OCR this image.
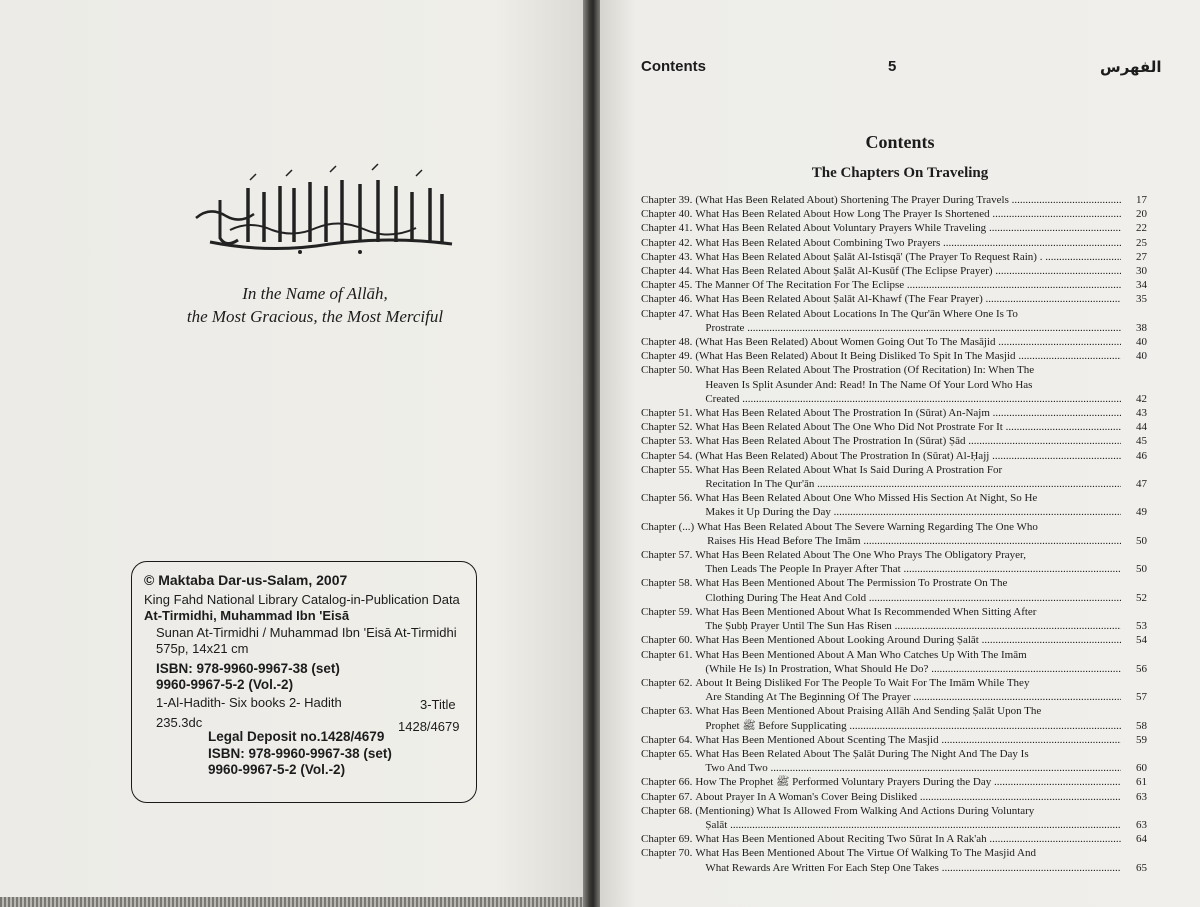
In the Name of Allāh,
the Most Gracious, the Most Merciful
© Maktaba Dar-us-Salam, 2007
King Fahd National Library Catalog-in-Publication Data
At-Tirmidhi, Muhammad Ibn 'Eisā
Sunan At-Tirmidhi / Muhammad Ibn 'Eisā At-Tirmidhi
575p, 14x21 cm
ISBN: 978-9960-9967-38 (set)
9960-9967-5-2 (Vol.-2)
1-Al-Hadith- Six books 2- Hadith	3-Title
235.3dc	1428/4679
Legal Deposit no.1428/4679
ISBN: 978-9960-9967-38 (set)
9960-9967-5-2 (Vol.-2)
Contents	5	الفهرس
Contents
The Chapters On Traveling
Chapter 39. (What Has Been Related About) Shortening The Prayer During Travels .....	17
Chapter 40. What Has Been Related About How Long The Prayer Is Shortened .....	20
Chapter 41. What Has Been Related About Voluntary Prayers While Traveling .....	22
Chapter 42. What Has Been Related About Combining Two Prayers .....	25
Chapter 43. What Has Been Related About Ṣalāt Al-Istisqā' (The Prayer To Request Rain) . .....	27
Chapter 44. What Has Been Related About Ṣalāt Al-Kusūf (The Eclipse Prayer) .....	30
Chapter 45. The Manner Of The Recitation For The Eclipse .....	34
Chapter 46. What Has Been Related About Ṣalāt Al-Khawf (The Fear Prayer) .....	35
Chapter 47. What Has Been Related About Locations In The Qur'ān Where One Is To
Prostrate .....	38
Chapter 48. (What Has Been Related) About Women Going Out To The Masājid .....	40
Chapter 49. (What Has Been Related) About It Being Disliked To Spit In The Masjid .....	40
Chapter 50. What Has Been Related About The Prostration (Of Recitation) In: When The
Heaven Is Split Asunder And: Read! In The Name Of Your Lord Who Has
Created .....	42
Chapter 51. What Has Been Related About The Prostration In (Sūrat) An-Najm .....	43
Chapter 52. What Has Been Related About The One Who Did Not Prostrate For It .....	44
Chapter 53. What Has Been Related About The Prostration In (Sūrat) Ṣād .....	45
Chapter 54. (What Has Been Related) About The Prostration In (Sūrat) Al-Ḥajj .....	46
Chapter 55. What Has Been Related About What Is Said During A Prostration For
Recitation In The Qur'ān .....	47
Chapter 56. What Has Been Related About One Who Missed His Section At Night, So He
Makes it Up During the Day .....	49
Chapter (...) What Has Been Related About The Severe Warning Regarding The One Who
Raises His Head Before The Imām .....	50
Chapter 57. What Has Been Related About The One Who Prays The Obligatory Prayer,
Then Leads The People In Prayer After That .....	50
Chapter 58. What Has Been Mentioned About The Permission To Prostrate On The
Clothing During The Heat And Cold .....	52
Chapter 59. What Has Been Mentioned About What Is Recommended When Sitting After
The Ṣubḥ Prayer Until The Sun Has Risen .....	53
Chapter 60. What Has Been Mentioned About Looking Around During Ṣalāt .....	54
Chapter 61. What Has Been Mentioned About A Man Who Catches Up With The Imām
(While He Is) In Prostration, What Should He Do? .....	56
Chapter 62. About It Being Disliked For The People To Wait For The Imām While They
Are Standing At The Beginning Of The Prayer .....	57
Chapter 63. What Has Been Mentioned About Praising Allāh And Sending Ṣalāt Upon The
Prophet ﷺ Before Supplicating .....	58
Chapter 64. What Has Been Mentioned About Scenting The Masjid .....	59
Chapter 65. What Has Been Related About The Ṣalāt During The Night And The Day Is
Two And Two .....	60
Chapter 66. How The Prophet ﷺ Performed Voluntary Prayers During the Day .....	61
Chapter 67. About Prayer In A Woman's Cover Being Disliked .....	63
Chapter 68. (Mentioning) What Is Allowed From Walking And Actions During Voluntary
Ṣalāt .....	63
Chapter 69. What Has Been Mentioned About Reciting Two Sūrat In A Rak'ah .....	64
Chapter 70. What Has Been Mentioned About The Virtue Of Walking To The Masjid And
What Rewards Are Written For Each Step One Takes .....	65
